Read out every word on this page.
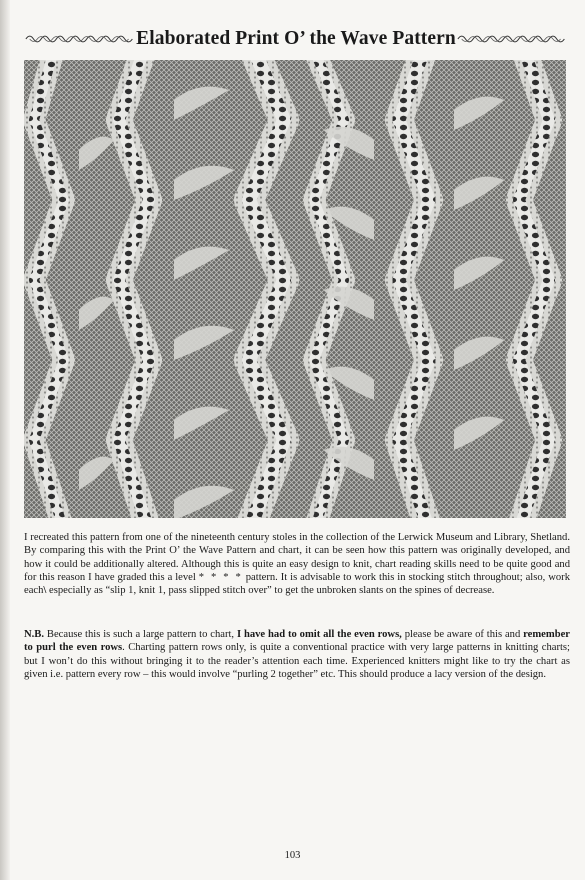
Elaborated Print O’ the Wave Pattern
I recreated this pattern from one of the nineteenth century stoles in the collection of the Lerwick Museum and Library, Shetland. By comparing this with the Print O’ the Wave Pattern and chart, it can be seen how this pattern was originally developed, and how it could be additionally altered. Although this is quite an easy design to knit, chart reading skills need to be quite good and for this reason I have graded this a level * * * * pattern. It is advisable to work this in stocking stitch throughout; also, work each\ especially as “slip 1, knit 1, pass slipped stitch over” to get the unbroken slants on the spines of decrease.
N.B. Because this is such a large pattern to chart, I have had to omit all the even rows, please be aware of this and remember to purl the even rows. Charting pattern rows only, is quite a conventional practice with very large patterns in knitting charts; but I won’t do this without bringing it to the reader’s attention each time. Experienced knitters might like to try the chart as given i.e. pattern every row – this would involve “purling 2 together” etc. This should produce a lacy version of the design.
103
